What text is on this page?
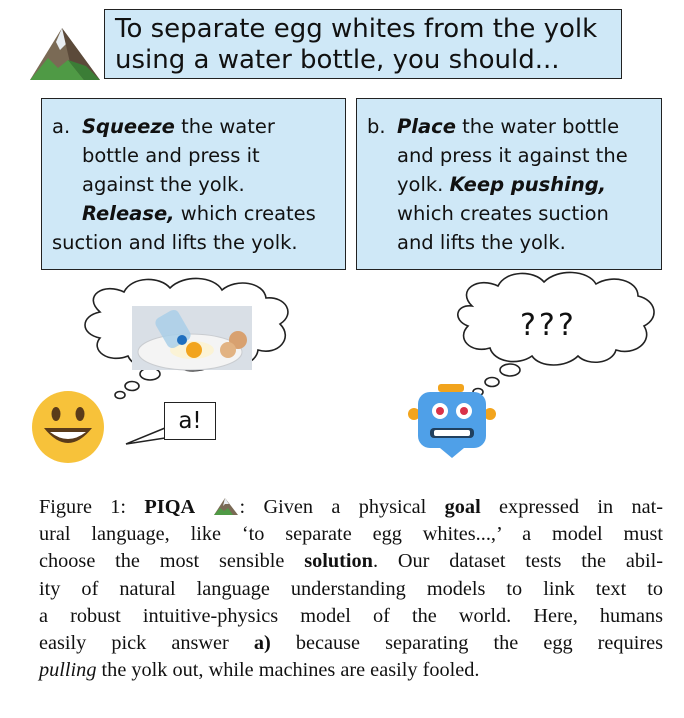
To separate egg whites from the yolk
using a water bottle, you should...
a. Squeeze the water
bottle and press it
against the yolk.
Release, which creates
suction and lifts the yolk.
b. Place the water bottle
and press it against the
yolk. Keep pushing,
which creates suction
and lifts the yolk.
???
a!
Figure 1: PIQA : Given a physical goal expressed in nat-
ural language, like ‘to separate egg whites...,’ a model must
choose the most sensible solution. Our dataset tests the abil-
ity of natural language understanding models to link text to
a robust intuitive-physics model of the world. Here, humans
easily pick answer a) because separating the egg requires
pulling the yolk out, while machines are easily fooled.
